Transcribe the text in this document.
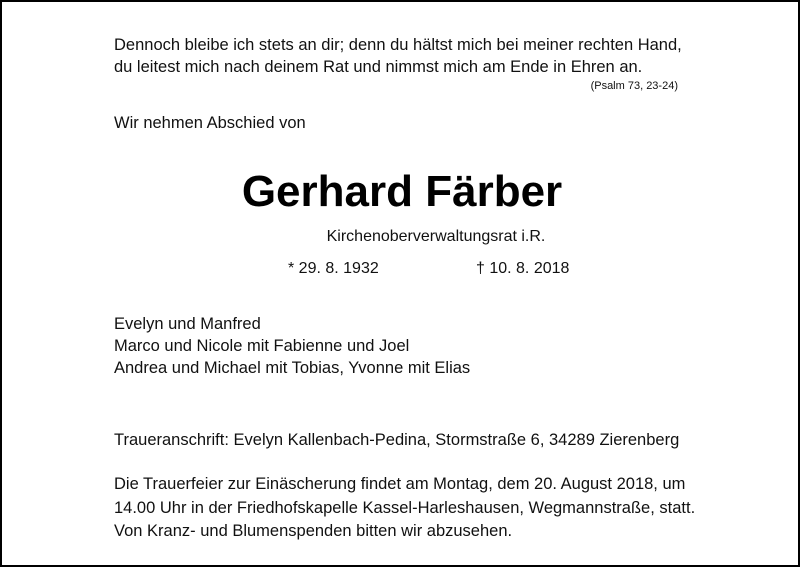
Dennoch bleibe ich stets an dir; denn du hältst mich bei meiner rechten Hand,
du leitest mich nach deinem Rat und nimmst mich am Ende in Ehren an.
(Psalm 73, 23-24)
Wir nehmen Abschied von
Gerhard Färber
Kirchenoberverwaltungsrat i.R.
* 29. 8. 1932	† 10. 8. 2018
Evelyn und Manfred
Marco und Nicole mit Fabienne und Joel
Andrea und Michael mit Tobias, Yvonne mit Elias
Traueranschrift: Evelyn Kallenbach-Pedina, Stormstraße 6, 34289 Zierenberg
Die Trauerfeier zur Einäscherung findet am Montag, dem 20. August 2018, um
14.00 Uhr in der Friedhofskapelle Kassel-Harleshausen, Wegmannstraße, statt.
Von Kranz- und Blumenspenden bitten wir abzusehen.
